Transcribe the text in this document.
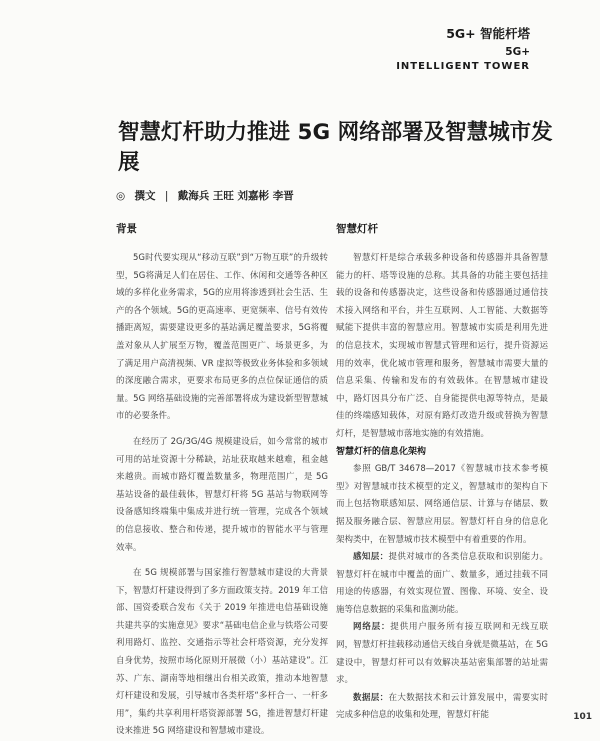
5G+ 智能杆塔
5G+
INTELLIGENT TOWER
智慧灯杆助力推进 5G 网络部署及智慧城市发展
◎ 撰文 | 戴海兵 王旺 刘嘉彬 李晋
背景

5G时代要实现从“移动互联”到“万物互联”的升级转型，5G将满足人们在居住、工作、休闲和交通等各种区域的多样化业务需求，5G的应用将渗透到社会生活、生产的各个领域。5G的更高速率、更宽频率、信号有效传播距离短，需要建设更多的基站满足覆盖要求，5G将覆盖对象从人扩展至万物，覆盖范围更广、场景更多，为了满足用户高清视频、VR 虚拟等极致业务体验和多领域的深度融合需求，更要求布局更多的点位保证通信的质量。5G 网络基础设施的完善部署将成为建设新型智慧城市的必要条件。

在经历了 2G/3G/4G 规模建设后，如今常常的城市可用的站址资源十分稀缺，站址获取越来越难，租金越来越贵。而城市路灯覆盖数量多，物理范围广，是 5G 基站设备的最佳载体，智慧灯杆将 5G 基站与物联网等设备感知终端集中集成并进行统一管理，完成各个领域的信息接收、整合和传递，提升城市的智能水平与管理效率。

在 5G 规模部署与国家推行智慧城市建设的大背景下，智慧灯杆建设得到了多方面政策支持。2019 年工信部、国资委联合发布《关于 2019 年推进电信基础设施共建共享的实施意见》要求“基础电信企业与铁塔公司要利用路灯、监控、交通指示等社会杆塔资源，充分发挥自身优势，按照市场化原则开展微（小）基站建设”。江苏、广东、湖南等地相继出台相关政策，推动本地智慧灯杆建设和发展，引导城市各类杆塔“多杆合一、一杆多用”，集约共享利用杆塔资源部署 5G，推进智慧灯杆建设来推进 5G 网络建设和智慧城市建设。

智慧灯杆

智慧灯杆是综合承载多种设备和传感器并具备智慧能力的杆、塔等设施的总称。其具备的功能主要包括挂载的设备和传感器决定，这些设备和传感器通过通信技术接入网络和平台，并生互联网、人工智能、大数据等赋能下提供丰富的智慧应用。智慧城市实质是利用先进的信息技术，实现城市智慧式管理和运行，提升资源运用的效率，优化城市管理和服务，智慧城市需要大量的信息采集、传输和发布的有效载体。在智慧城市建设中，路灯因具分布广泛、自身能提供电源等特点，是最佳的终端感知载体，对原有路灯改造升级或替换为智慧灯杆，是智慧城市落地实施的有效措施。

智慧灯杆的信息化架构

参照 GB/T 34678—2017《智慧城市技术参考模型》对智慧城市技术模型的定义，智慧城市的架构自下而上包括物联感知层、网络通信层、计算与存储层、数据及服务融合层、智慧应用层。智慧灯杆自身的信息化架构类中，在智慧城市技术模型中有着重要的作用。

感知层：提供对城市的各类信息获取和识别能力。智慧灯杆在城市中覆盖的面广、数量多，通过挂载不同用途的传感器，有效实现位置、图像、环境、安全、设施等信息数据的采集和监测功能。

网络层：提供用户服务所有接互联网和无线互联网，智慧灯杆挂载移动通信天线自身就是微基站，在 5G 建设中，智慧灯杆可以有效解决基站密集部署的站址需求。

数据层：在大数据技术和云计算发展中，需要实时完成多种信息的收集和处理，智慧灯杆能	101
